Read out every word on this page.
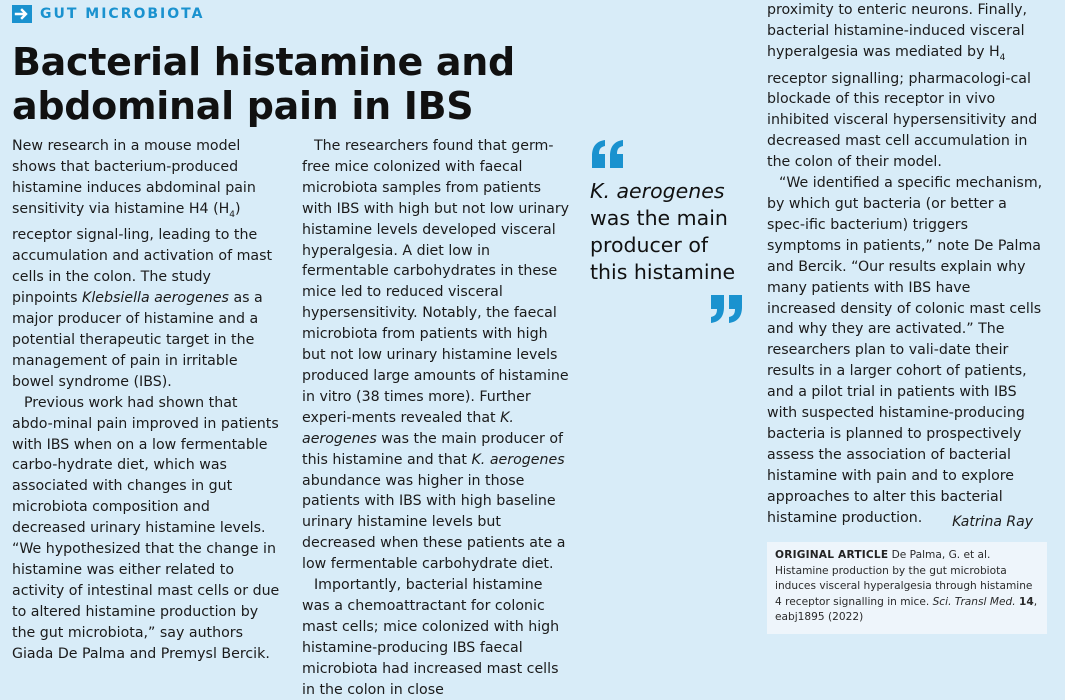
GUT MICROBIOTA
Bacterial histamine and
abdominal pain in IBS

New research in a mouse model shows that bacterium-produced histamine induces abdominal pain sensitivity via histamine H4 $(H_4)$ receptor signal-ling, leading to the accumulation and activation of mast cells in the colon. The study pinpoints Klebsiella aerogenes as a major producer of histamine and a potential therapeutic target in the management of pain in irritable bowel syndrome (IBS).

Previous work had shown that abdo-minal pain improved in patients with IBS when on a low fermentable carbo-hydrate diet, which was associated with changes in gut microbiota composition and decreased urinary histamine levels. “We hypothesized that the change in histamine was either related to activity of intestinal mast cells or due to altered histamine production by the gut microbiota,” say authors Giada De Palma and Premysl Bercik.

The researchers found that germ-free mice colonized with faecal microbiota samples from patients with IBS with high but not low urinary histamine levels developed visceral hyperalgesia. A diet low in fermentable carbohydrates in these mice led to reduced visceral hypersensitivity. Notably, the faecal microbiota from patients with high but not low urinary histamine levels produced large amounts of histamine in vitro (38 times more). Further experi-ments revealed that K. aerogenes was the main producer of this histamine and that K. aerogenes abundance was higher in those patients with IBS with high baseline urinary histamine levels but decreased when these patients ate a low fermentable carbohydrate diet.

Importantly, bacterial histamine was a chemoattractant for colonic mast cells; mice colonized with high histamine-producing IBS faecal microbiota had increased mast cells in the colon in close

K. aerogenes
was the main producer of this histamine

proximity to enteric neurons. Finally, bacterial histamine-induced visceral hyperalgesia was mediated by $H_4$ receptor signalling; pharmacologi-cal blockade of this receptor in vivo inhibited visceral hypersensitivity and decreased mast cell accumulation in the colon of their model.

“We identified a specific mechanism, by which gut bacteria (or better a spec-ific bacterium) triggers symptoms in patients,” note De Palma and Bercik. “Our results explain why many patients with IBS have increased density of colonic mast cells and why they are activated.” The researchers plan to vali-date their results in a larger cohort of patients, and a pilot trial in patients with IBS with suspected histamine-producing bacteria is planned to prospectively assess the association of bacterial histamine with pain and to explore approaches to alter this bacterial histamine production.	Katrina Ray
ORIGINAL ARTICLE De Palma, G. et al. Histamine production by the gut microbiota induces visceral hyperalgesia through histamine 4 receptor signalling in mice. Sci. Transl Med. 14, eabj1895 (2022)
